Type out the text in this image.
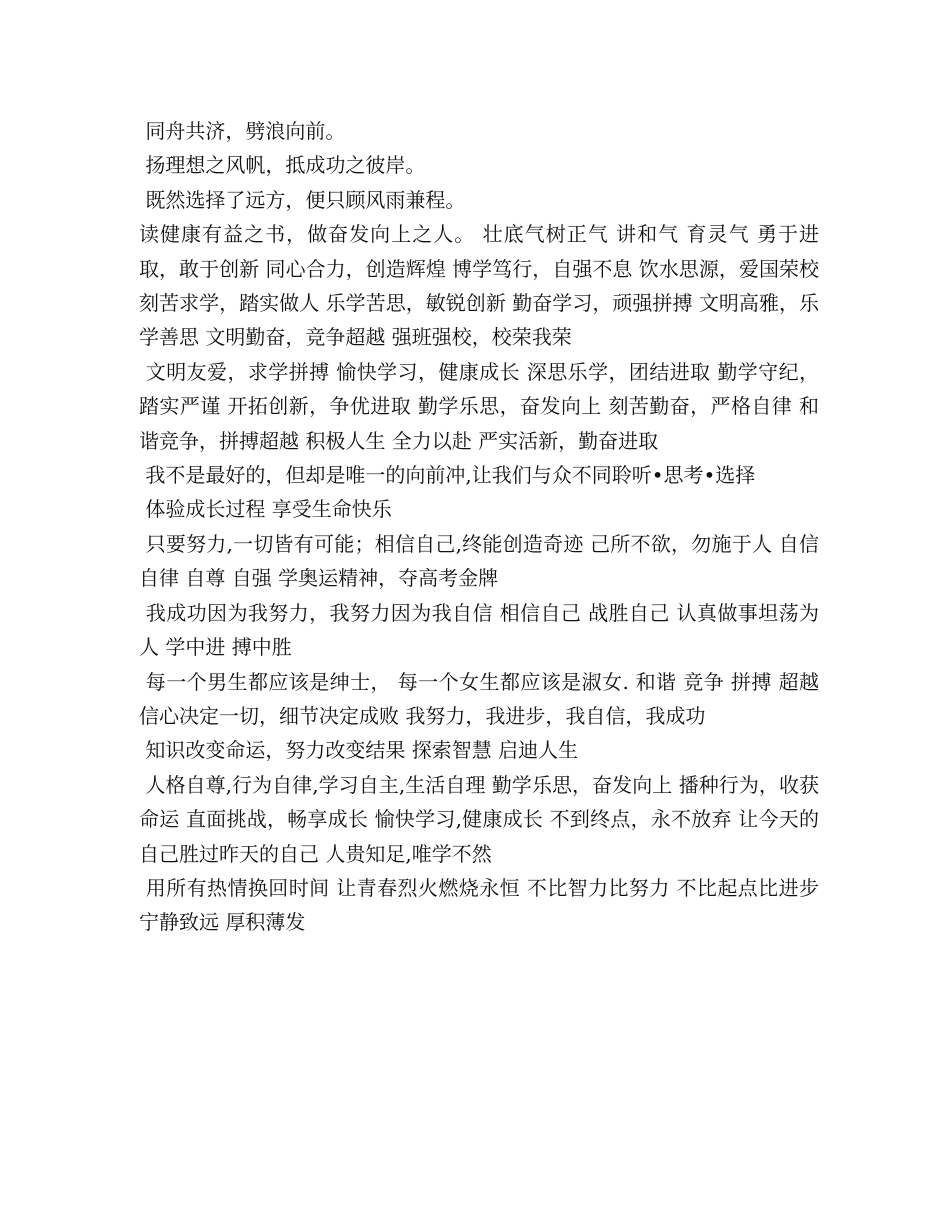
同舟共济，劈浪向前。

扬理想之风帆，抵成功之彼岸。

既然选择了远方，便只顾风雨兼程。

读健康有益之书，做奋发向上之人。 壮底气树正气 讲和气 育灵气 勇于进取，敢于创新 同心合力，创造辉煌 博学笃行，自强不息 饮水思源，爱国荣校 刻苦求学，踏实做人 乐学苦思，敏锐创新 勤奋学习，顽强拼搏 文明高雅，乐学善思 文明勤奋，竞争超越 强班强校，校荣我荣

文明友爱，求学拼搏 愉快学习，健康成长 深思乐学，团结进取 勤学守纪，踏实严谨 开拓创新，争优进取 勤学乐思，奋发向上 刻苦勤奋，严格自律 和谐竞争，拼搏超越 积极人生 全力以赴 严实活新，勤奋进取

我不是最好的，但却是唯一的向前冲,让我们与众不同聆听•思考•选择

体验成长过程 享受生命快乐

只要努力,一切皆有可能；相信自己,终能创造奇迹 己所不欲，勿施于人 自信 自律 自尊 自强 学奥运精神，夺高考金牌

我成功因为我努力，我努力因为我自信 相信自己 战胜自己 认真做事坦荡为人 学中进 搏中胜

每一个男生都应该是绅士， 每一个女生都应该是淑女. 和谐 竞争 拼搏 超越 信心决定一切，细节决定成败 我努力，我进步，我自信，我成功

知识改变命运，努力改变结果 探索智慧 启迪人生

人格自尊,行为自律,学习自主,生活自理 勤学乐思，奋发向上 播种行为，收获命运 直面挑战，畅享成长 愉快学习,健康成长 不到终点，永不放弃 让今天的自己胜过昨天的自己 人贵知足,唯学不然

用所有热情换回时间 让青春烈火燃烧永恒 不比智力比努力 不比起点比进步 宁静致远 厚积薄发
